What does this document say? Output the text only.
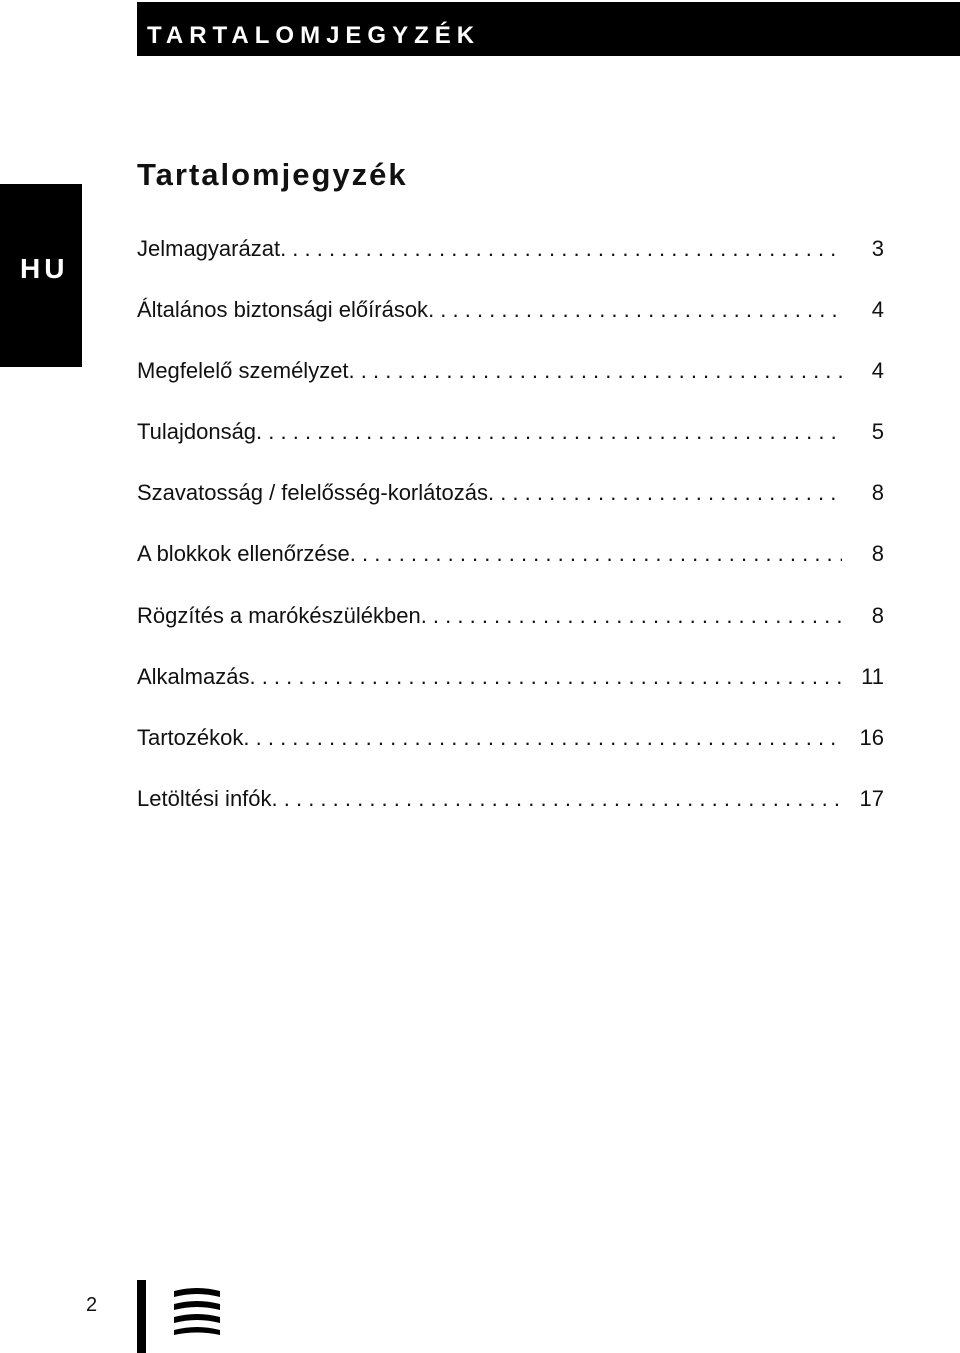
TARTALOMJEGYZÉK
HU
Tartalomjegyzék
Jelmagyarázat . . .	3
Általános biztonsági előírások . . .	4
Megfelelő személyzet . . .	4
Tulajdonság . . .	5
Szavatosság / felelősség-korlátozás . . .	8
A blokkok ellenőrzése . . .	8
Rögzítés a marókészülékben . . .	8
Alkalmazás . . .	11
Tartozékok . . .	16
Letöltési infók . . .	17
2
